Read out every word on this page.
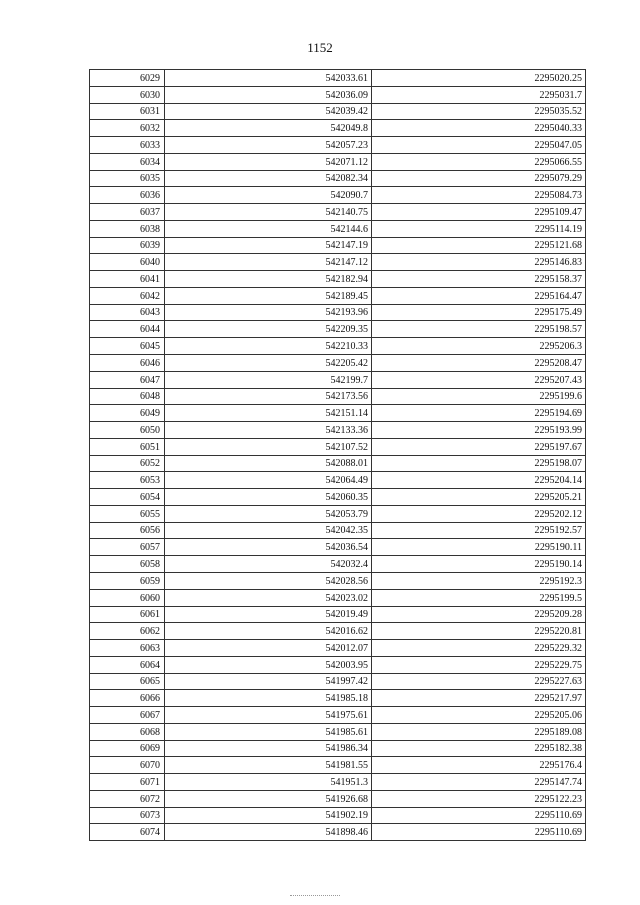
1152
6029	542033.61	2295020.25
6030	542036.09	2295031.7
6031	542039.42	2295035.52
6032	542049.8	2295040.33
6033	542057.23	2295047.05
6034	542071.12	2295066.55
6035	542082.34	2295079.29
6036	542090.7	2295084.73
6037	542140.75	2295109.47
6038	542144.6	2295114.19
6039	542147.19	2295121.68
6040	542147.12	2295146.83
6041	542182.94	2295158.37
6042	542189.45	2295164.47
6043	542193.96	2295175.49
6044	542209.35	2295198.57
6045	542210.33	2295206.3
6046	542205.42	2295208.47
6047	542199.7	2295207.43
6048	542173.56	2295199.6
6049	542151.14	2295194.69
6050	542133.36	2295193.99
6051	542107.52	2295197.67
6052	542088.01	2295198.07
6053	542064.49	2295204.14
6054	542060.35	2295205.21
6055	542053.79	2295202.12
6056	542042.35	2295192.57
6057	542036.54	2295190.11
6058	542032.4	2295190.14
6059	542028.56	2295192.3
6060	542023.02	2295199.5
6061	542019.49	2295209.28
6062	542016.62	2295220.81
6063	542012.07	2295229.32
6064	542003.95	2295229.75
6065	541997.42	2295227.63
6066	541985.18	2295217.97
6067	541975.61	2295205.06
6068	541985.61	2295189.08
6069	541986.34	2295182.38
6070	541981.55	2295176.4
6071	541951.3	2295147.74
6072	541926.68	2295122.23
6073	541902.19	2295110.69
6074	541898.46	2295110.69
